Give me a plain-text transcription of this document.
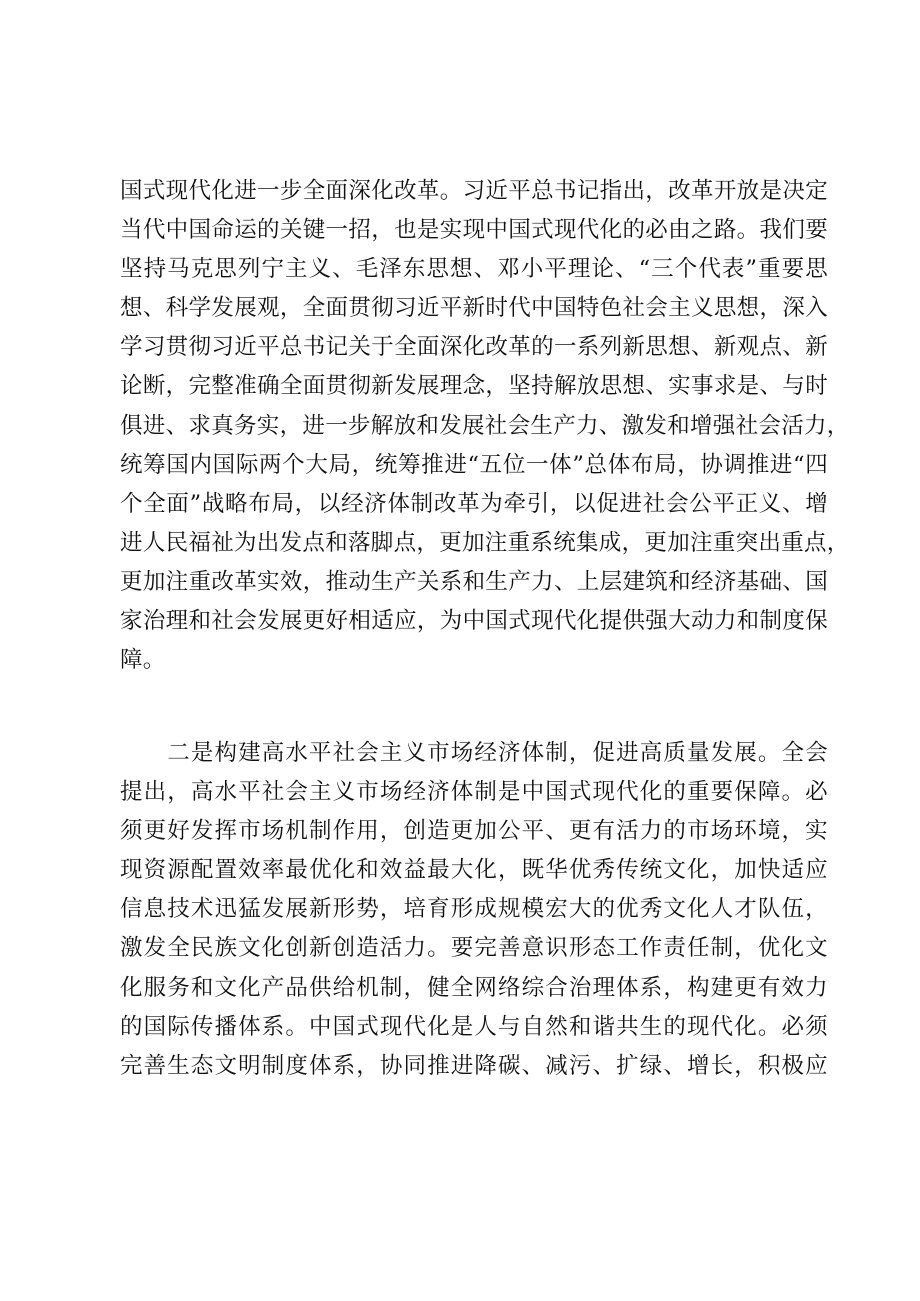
国式现代化进一步全面深化改革。习近平总书记指出，改革开放是决定
当代中国命运的关键一招，也是实现中国式现代化的必由之路。我们要
坚持马克思列宁主义、毛泽东思想、邓小平理论、“三个代表”重要思
想、科学发展观，全面贯彻习近平新时代中国特色社会主义思想，深入
学习贯彻习近平总书记关于全面深化改革的一系列新思想、新观点、新
论断，完整准确全面贯彻新发展理念，坚持解放思想、实事求是、与时
俱进、求真务实，进一步解放和发展社会生产力、激发和增强社会活力，
统筹国内国际两个大局，统筹推进“五位一体”总体布局，协调推进“四
个全面”战略布局，以经济体制改革为牵引，以促进社会公平正义、增
进人民福祉为出发点和落脚点，更加注重系统集成，更加注重突出重点，
更加注重改革实效，推动生产关系和生产力、上层建筑和经济基础、国
家治理和社会发展更好相适应，为中国式现代化提供强大动力和制度保
障。
　　二是构建高水平社会主义市场经济体制，促进高质量发展。全会
提出，高水平社会主义市场经济体制是中国式现代化的重要保障。必
须更好发挥市场机制作用，创造更加公平、更有活力的市场环境，实
现资源配置效率最优化和效益最大化，既华优秀传统文化，加快适应
信息技术迅猛发展新形势，培育形成规模宏大的优秀文化人才队伍，
激发全民族文化创新创造活力。要完善意识形态工作责任制，优化文
化服务和文化产品供给机制，健全网络综合治理体系，构建更有效力
的国际传播体系。中国式现代化是人与自然和谐共生的现代化。必须
完善生态文明制度体系，协同推进降碳、减污、扩绿、增长，积极应
